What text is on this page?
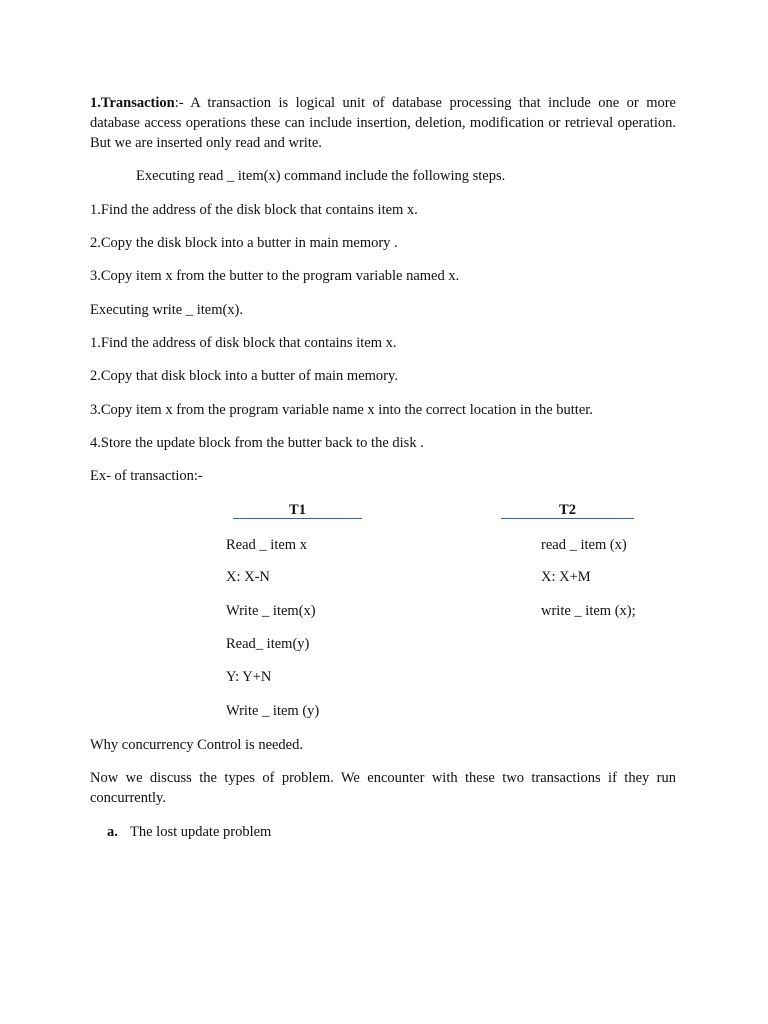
1.Transaction:- A transaction is logical unit of database processing that include one or more database access operations these can include insertion, deletion, modification or retrieval operation. But we are inserted only read and write.

Executing read _ item(x) command include the following steps.

1.Find the address of the disk block that contains item x.

2.Copy the disk block into a butter in main memory .

3.Copy item x from the butter to the program variable named x.

Executing write _ item(x).

1.Find the address of disk block that contains item x.

2.Copy that disk block into a butter of main memory.

3.Copy item x from the program variable name x into the correct location in the butter.

4.Store the update block from the butter back to the disk .

Ex- of transaction:-

T1	T2
Read _ item x
X: X-N
Write _ item(x)
Read_ item(y)
Y: Y+N
Write _ item (y)
read _ item (x)
X: X+M
write _ item (x);

Why concurrency Control is needed.

Now we discuss the types of problem. We encounter with these two transactions if they run concurrently.

a. The lost update problem
